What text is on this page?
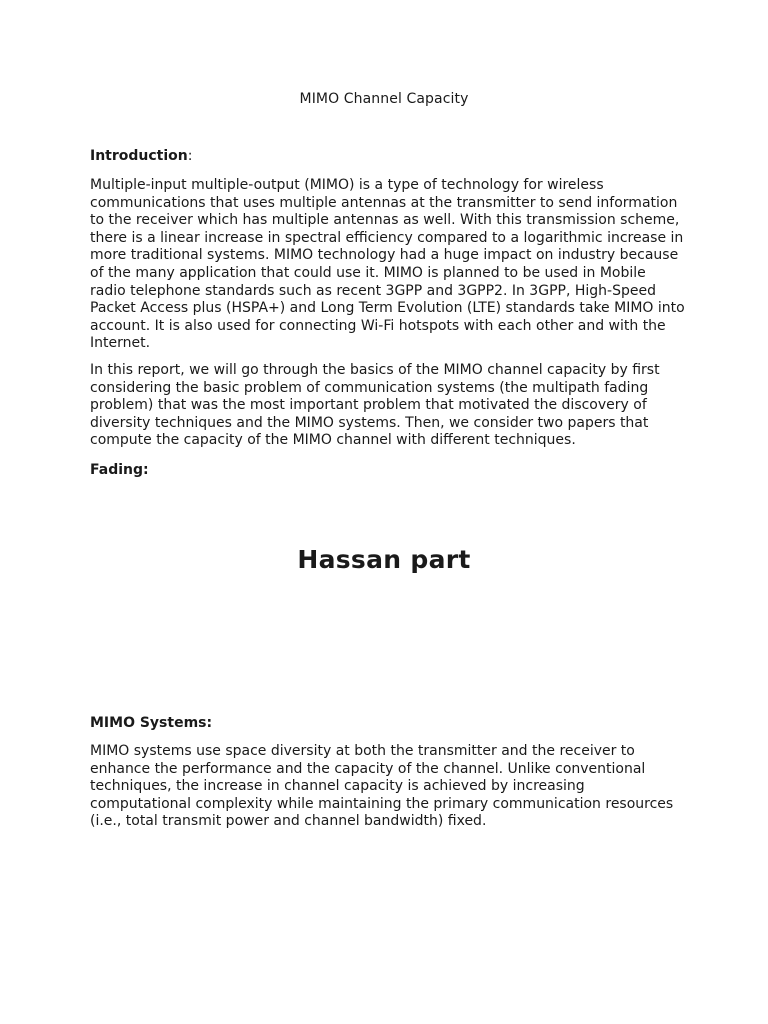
MIMO Channel Capacity

Introduction:

Multiple-input multiple-output (MIMO) is a type of technology for wireless
communications that uses multiple antennas at the transmitter to send information
to the receiver which has multiple antennas as well. With this transmission scheme,
there is a linear increase in spectral efficiency compared to a logarithmic increase in
more traditional systems. MIMO technology had a huge impact on industry because
of the many application that could use it. MIMO is planned to be used in Mobile
radio telephone standards such as recent 3GPP and 3GPP2. In 3GPP, High-Speed
Packet Access plus (HSPA+) and Long Term Evolution (LTE) standards take MIMO into
account. It is also used for connecting Wi-Fi hotspots with each other and with the
Internet.

In this report, we will go through the basics of the MIMO channel capacity by first
considering the basic problem of communication systems (the multipath fading
problem) that was the most important problem that motivated the discovery of
diversity techniques and the MIMO systems. Then, we consider two papers that
compute the capacity of the MIMO channel with different techniques.

Fading:

Hassan part

MIMO Systems:

MIMO systems use space diversity at both the transmitter and the receiver to
enhance the performance and the capacity of the channel. Unlike conventional
techniques, the increase in channel capacity is achieved by increasing
computational complexity while maintaining the primary communication resources
(i.e., total transmit power and channel bandwidth) fixed.
